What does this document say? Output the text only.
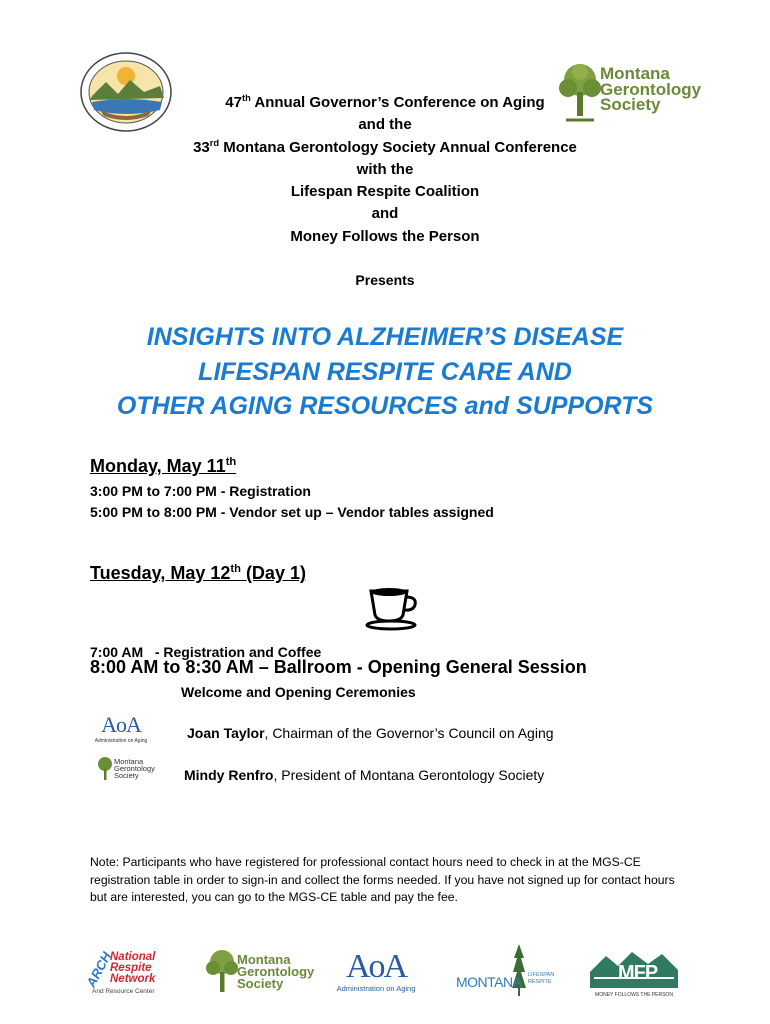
Montana
Gerontology
Society
47th Annual Governor’s Conference on Aging
and the
33rd Montana Gerontology Society Annual Conference
with the
Lifespan Respite Coalition
and
Money Follows the Person
Presents
INSIGHTS INTO ALZHEIMER’S DISEASE
LIFESPAN RESPITE CARE AND
OTHER AGING RESOURCES and SUPPORTS
Monday, May 11th
3:00 PM to 7:00 PM - Registration
5:00 PM to 8:00 PM - Vendor set up – Vendor tables assigned
Tuesday, May 12th (Day 1)

7:00 AM   - Registration and Coffee

8:00 AM to 8:30 AM – Ballroom - Opening General Session
Welcome and Opening Ceremonies
AoA
Administration on Aging	Joan Taylor, Chairman of the Governor’s Council on Aging
Montana
Gerontology
Society	Mindy Renfro, President of Montana Gerontology Society
Note: Participants who have registered for professional contact hours need to check in at the MGS-CE registration table in order to sign-in and collect the forms needed. If you have not signed up for contact hours but are interested, you can go to the MGS-CE table and pay the fee.
ARCH
National
Respite
Network
And Resource Center
Montana
Gerontology
Society	AoA
Administration on Aging	MONTANA LIFESPAN
RESPITE	MFP
MONEY FOLLOWS THE PERSON
